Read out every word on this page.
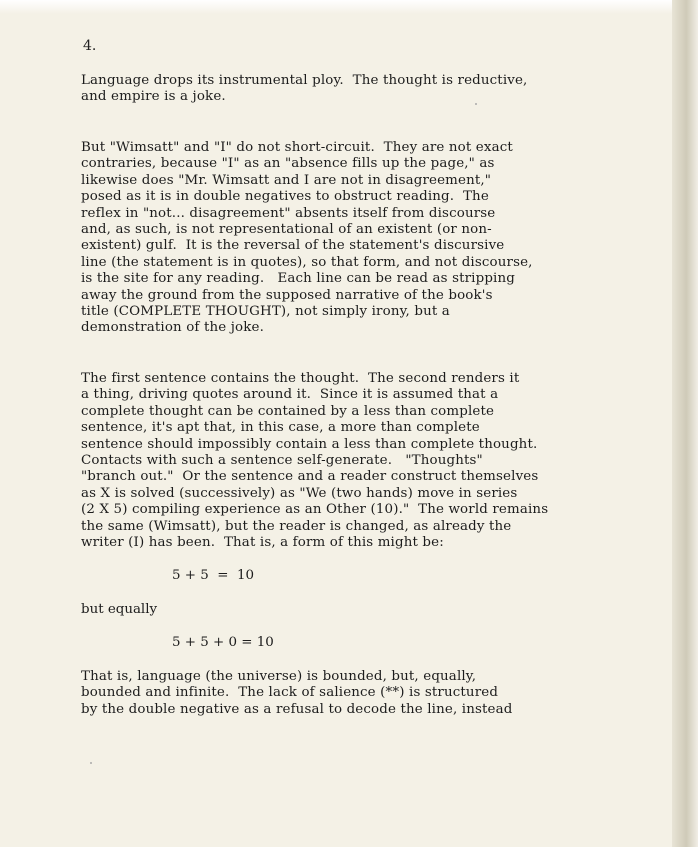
4.

Language drops its instrumental ploy.  The thought is reductive,
and empire is a joke.

But "Wimsatt" and "I" do not short-circuit.  They are not exact
contraries, because "I" as an "absence fills up the page," as
likewise does "Mr. Wimsatt and I are not in disagreement,"
posed as it is in double negatives to obstruct reading.  The
reflex in "not... disagreement" absents itself from discourse
and, as such, is not representational of an existent (or non-
existent) gulf.  It is the reversal of the statement's discursive
line (the statement is in quotes), so that form, and not discourse,
is the site for any reading.   Each line can be read as stripping
away the ground from the supposed narrative of the book's
title (COMPLETE THOUGHT), not simply irony, but a
demonstration of the joke.

The first sentence contains the thought.  The second renders it
a thing, driving quotes around it.  Since it is assumed that a
complete thought can be contained by a less than complete
sentence, it's apt that, in this case, a more than complete
sentence should impossibly contain a less than complete thought.
Contacts with such a sentence self-generate.   "Thoughts"
"branch out."  Or the sentence and a reader construct themselves
as X is solved (successively) as "We (two hands) move in series
(2 X 5) compiling experience as an Other (10)."  The world remains
the same (Wimsatt), but the reader is changed, as already the
writer (I) has been.  That is, a form of this might be:

5 + 5  =  10

but equally

5 + 5 + 0 = 10

That is, language (the universe) is bounded, but, equally,
bounded and infinite.  The lack of salience (**) is structured
by the double negative as a refusal to decode the line, instead
